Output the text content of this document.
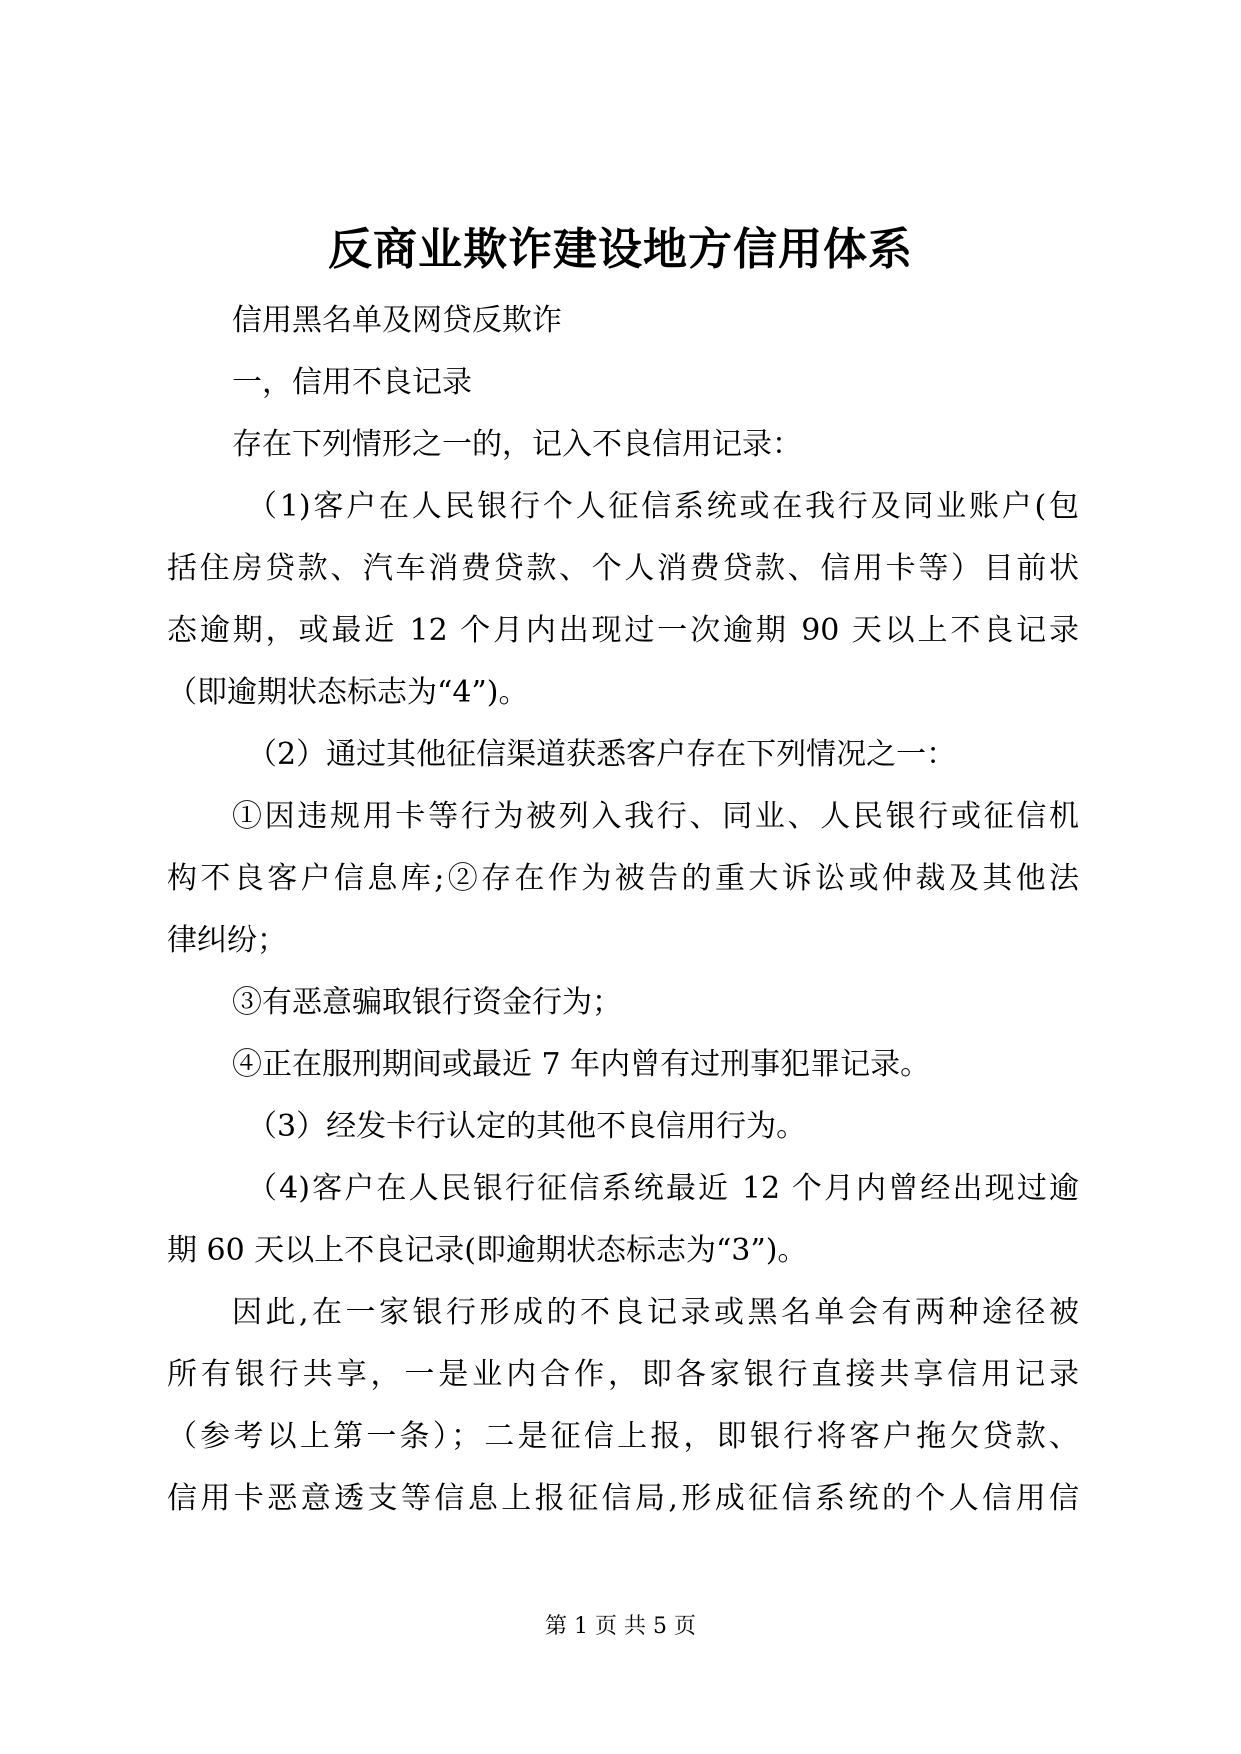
反商业欺诈建设地方信用体系
信用黑名单及网贷反欺诈
一，信用不良记录
存在下列情形之一的，记入不良信用记录：
（1)客户在人民银行个人征信系统或在我行及同业账户(包
括住房贷款、汽车消费贷款、个人消费贷款、信用卡等）目前状
态逾期，或最近 12 个月内出现过一次逾期 90 天以上不良记录
（即逾期状态标志为“4”)。
（2）通过其他征信渠道获悉客户存在下列情况之一：
①因违规用卡等行为被列入我行、同业、人民银行或征信机
构不良客户信息库;②存在作为被告的重大诉讼或仲裁及其他法
律纠纷；
③有恶意骗取银行资金行为；
④正在服刑期间或最近 7 年内曾有过刑事犯罪记录。
（3）经发卡行认定的其他不良信用行为。
（4)客户在人民银行征信系统最近 12 个月内曾经出现过逾
期 60 天以上不良记录(即逾期状态标志为“3”)。
因此,在一家银行形成的不良记录或黑名单会有两种途径被
所有银行共享，一是业内合作，即各家银行直接共享信用记录
（参考以上第一条）；二是征信上报，即银行将客户拖欠贷款、
信用卡恶意透支等信息上报征信局,形成征信系统的个人信用信
第 1 页 共 5 页
